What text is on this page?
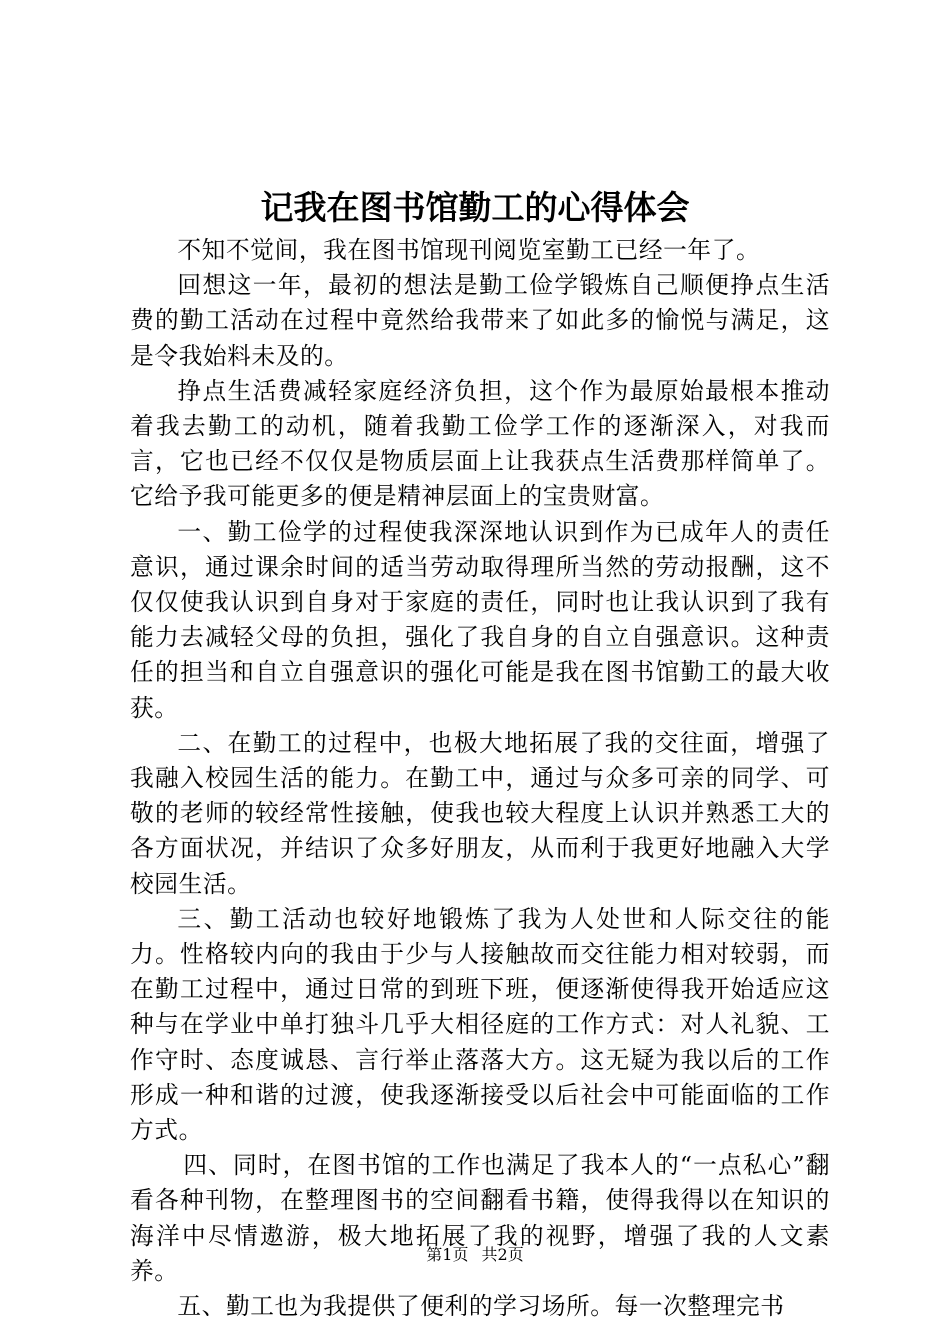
记我在图书馆勤工的心得体会

不知不觉间，我在图书馆现刊阅览室勤工已经一年了。

回想这一年，最初的想法是勤工俭学锻炼自己顺便挣点生活费的勤工活动在过程中竟然给我带来了如此多的愉悦与满足，这是令我始料未及的。

挣点生活费减轻家庭经济负担，这个作为最原始最根本推动着我去勤工的动机，随着我勤工俭学工作的逐渐深入，对我而言，它也已经不仅仅是物质层面上让我获点生活费那样简单了。它给予我可能更多的便是精神层面上的宝贵财富。

一、勤工俭学的过程使我深深地认识到作为已成年人的责任意识，通过课余时间的适当劳动取得理所当然的劳动报酬，这不仅仅使我认识到自身对于家庭的责任，同时也让我认识到了我有能力去减轻父母的负担，强化了我自身的自立自强意识。这种责任的担当和自立自强意识的强化可能是我在图书馆勤工的最大收获。

二、在勤工的过程中，也极大地拓展了我的交往面，增强了我融入校园生活的能力。在勤工中，通过与众多可亲的同学、可敬的老师的较经常性接触，使我也较大程度上认识并熟悉工大的各方面状况，并结识了众多好朋友，从而利于我更好地融入大学校园生活。

三、勤工活动也较好地锻炼了我为人处世和人际交往的能力。性格较内向的我由于少与人接触故而交往能力相对较弱，而在勤工过程中，通过日常的到班下班，便逐渐使得我开始适应这种与在学业中单打独斗几乎大相径庭的工作方式：对人礼貌、工作守时、态度诚恳、言行举止落落大方。这无疑为我以后的工作形成一种和谐的过渡，使我逐渐接受以后社会中可能面临的工作方式。

四、同时，在图书馆的工作也满足了我本人的“一点私心”翻看各种刊物，在整理图书的空间翻看书籍，使得我得以在知识的海洋中尽情遨游，极大地拓展了我的视野，增强了我的人文素养。

五、勤工也为我提供了便利的学习场所。每一次整理完书

第1页 共2页
